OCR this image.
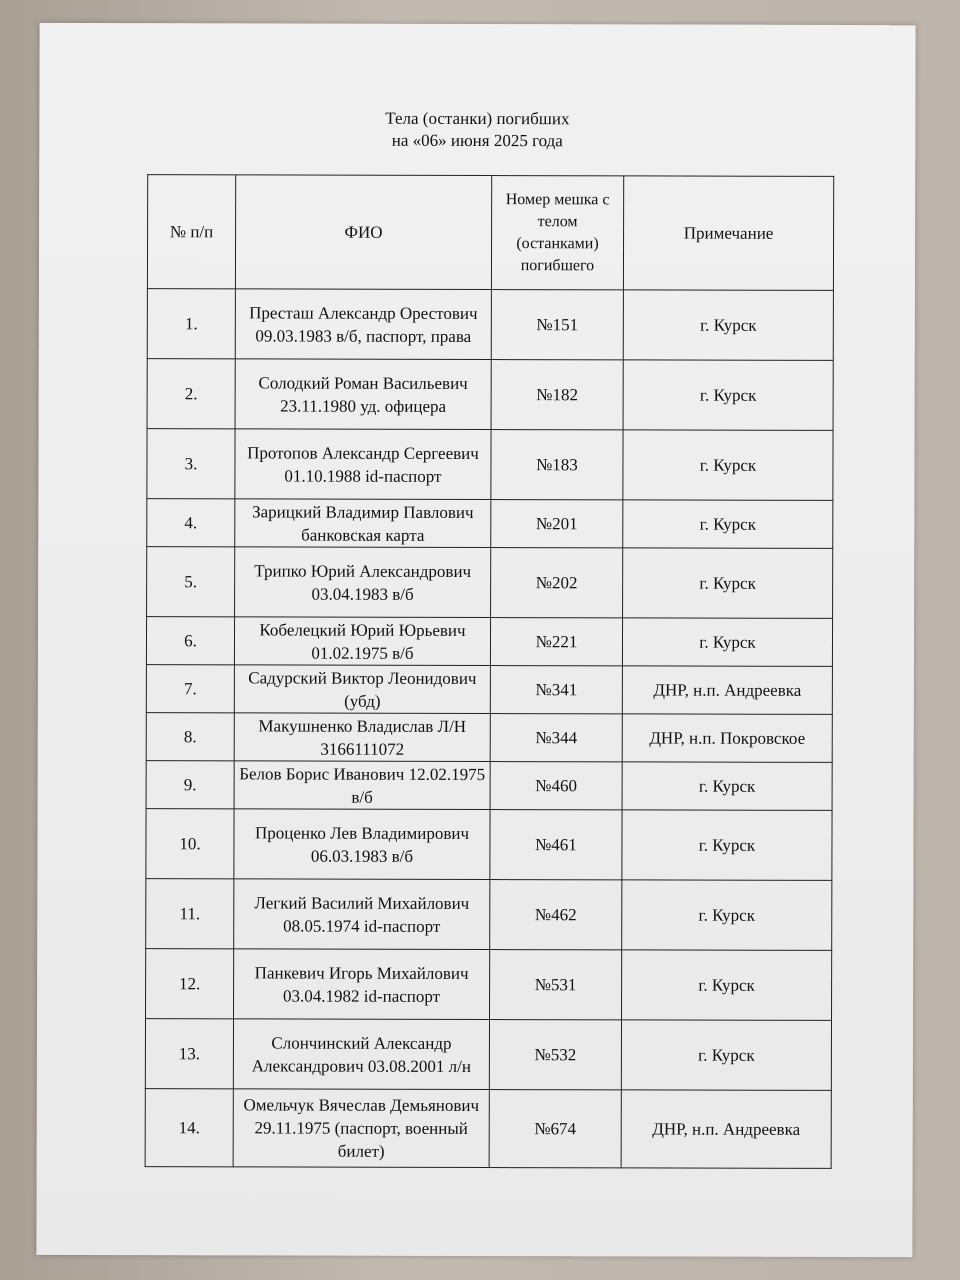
Тела (останки) погибших
на «06» июня 2025 года
№ п/п	ФИО	Номер мешка с телом (останками) погибшего	Примечание
1.	Престаш Александр Орестович 09.03.1983 в/б, паспорт, права	№151	г. Курск
2.	Солодкий Роман Васильевич 23.11.1980 уд. офицера	№182	г. Курск
3.	Протопов Александр Сергеевич 01.10.1988 id-паспорт	№183	г. Курск
4.	Зарицкий Владимир Павлович банковская карта	№201	г. Курск
5.	Трипко Юрий Александрович 03.04.1983 в/б	№202	г. Курск
6.	Кобелецкий Юрий Юрьевич 01.02.1975 в/б	№221	г. Курск
7.	Садурский Виктор Леонидович (убд)	№341	ДНР, н.п. Андреевка
8.	Макушненко Владислав Л/Н 3166111072	№344	ДНР, н.п. Покровское
9.	Белов Борис Иванович 12.02.1975 в/б	№460	г. Курск
10.	Проценко Лев Владимирович 06.03.1983 в/б	№461	г. Курск
11.	Легкий Василий Михайлович 08.05.1974 id-паспорт	№462	г. Курск
12.	Панкевич Игорь Михайлович 03.04.1982 id-паспорт	№531	г. Курск
13.	Слончинский Александр Александрович 03.08.2001 л/н	№532	г. Курск
14.	Омельчук Вячеслав Демьянович 29.11.1975 (паспорт, военный билет)	№674	ДНР, н.п. Андреевка
